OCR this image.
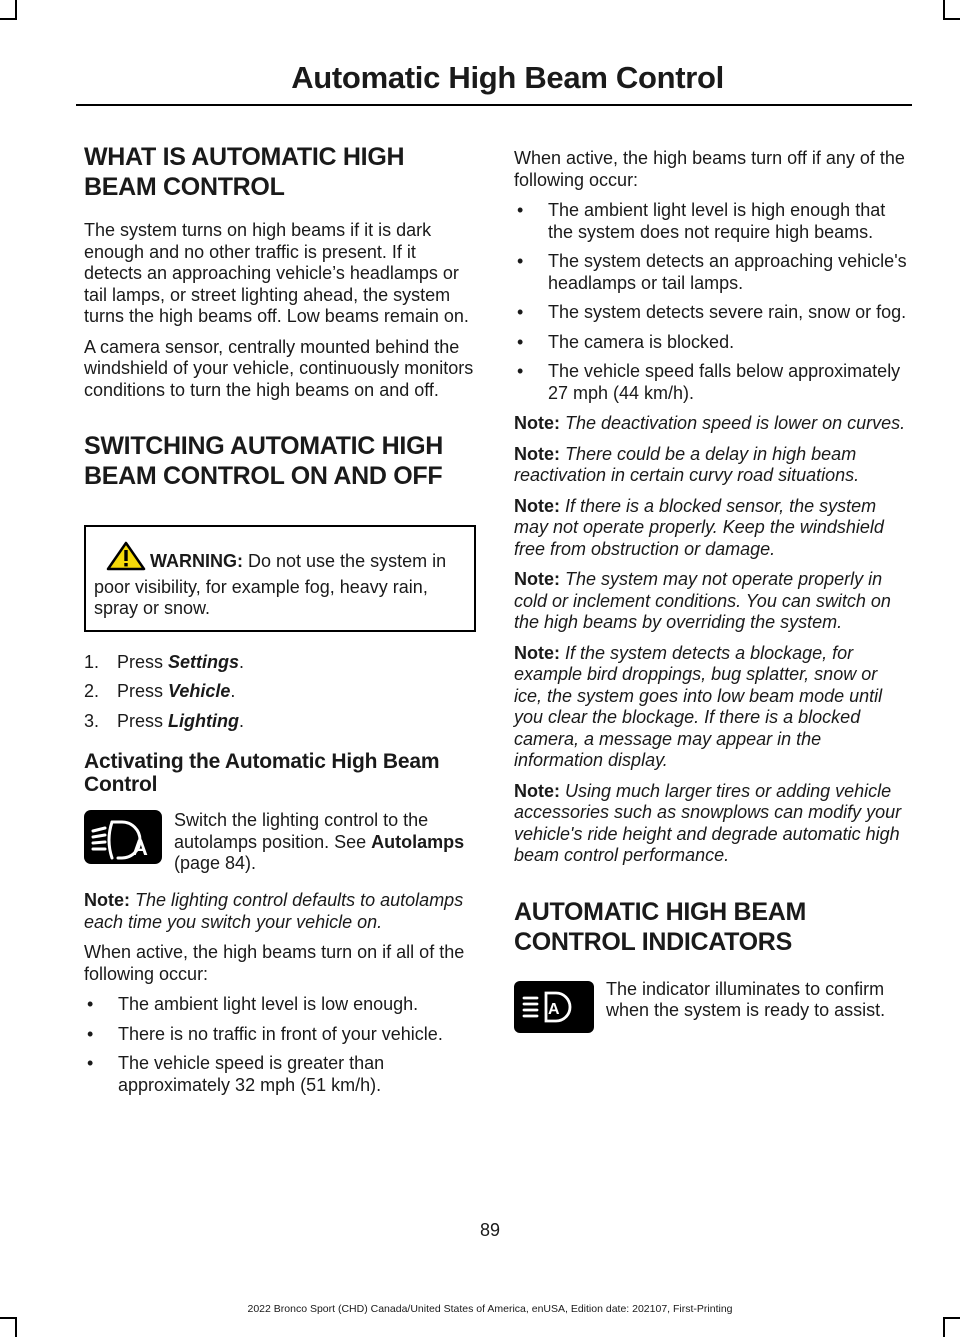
Automatic High Beam Control
WHAT IS AUTOMATIC HIGH
BEAM CONTROL

The system turns on high beams if it is dark enough and no other traffic is present. If it detects an approaching vehicle’s headlamps or tail lamps, or street lighting ahead, the system turns the high beams off. Low beams remain on.

A camera sensor, centrally mounted behind the windshield of your vehicle, continuously monitors conditions to turn the high beams on and off.

SWITCHING AUTOMATIC HIGH
BEAM CONTROL ON AND OFF

WARNING: Do not use the system in poor visibility, for example fog, heavy rain, spray or snow.

1. Press Settings.
2. Press Vehicle.
3. Press Lighting.
Activating the Automatic High Beam Control
A

Switch the lighting control to the autolamps position. See Autolamps (page 84).

Note: The lighting control defaults to autolamps each time you switch your vehicle on.

When active, the high beams turn on if all of the following occur:

• The ambient light level is low enough.
• There is no traffic in front of your vehicle.
• The vehicle speed is greater than approximately 32 mph (51 km/h).

When active, the high beams turn off if any of the following occur:

• The ambient light level is high enough that the system does not require high beams.
• The system detects an approaching vehicle's headlamps or tail lamps.
• The system detects severe rain, snow or fog.
• The camera is blocked.
• The vehicle speed falls below approximately 27 mph (44 km/h).

Note: The deactivation speed is lower on curves.

Note: There could be a delay in high beam reactivation in certain curvy road situations.

Note: If there is a blocked sensor, the system may not operate properly. Keep the windshield free from obstruction or damage.

Note: The system may not operate properly in cold or inclement conditions. You can switch on the high beams by overriding the system.

Note: If the system detects a blockage, for example bird droppings, bug splatter, snow or ice, the system goes into low beam mode until you clear the blockage. If there is a blocked camera, a message may appear in the information display.

Note: Using much larger tires or adding vehicle accessories such as snowplows can modify your vehicle's ride height and degrade automatic high beam control performance.

AUTOMATIC HIGH BEAM
CONTROL INDICATORS
A

The indicator illuminates to confirm when the system is ready to assist.

89
2022 Bronco Sport (CHD) Canada/United States of America, enUSA, Edition date: 202107, First-Printing
